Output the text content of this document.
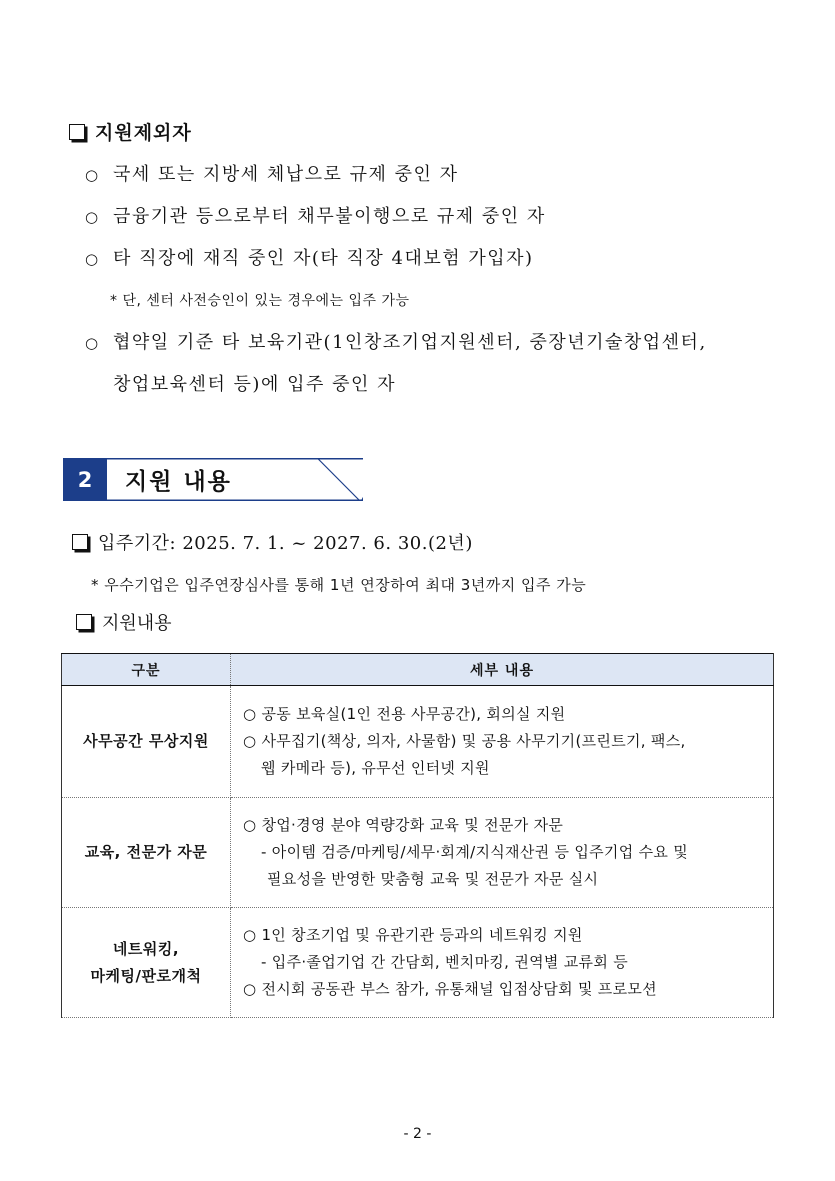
지원제외자
○ 국세 또는 지방세 체납으로 규제 중인 자
○ 금융기관 등으로부터 채무불이행으로 규제 중인 자
○ 타 직장에 재직 중인 자(타 직장 4대보험 가입자)
* 단, 센터 사전승인이 있는 경우에는 입주 가능
○ 협약일 기준 타 보육기관(1인창조기업지원센터, 중장년기술창업센터,
창업보육센터 등)에 입주 중인 자
2	지원 내용
입주기간: 2025. 7. 1. ~ 2027. 6. 30.(2년)
* 우수기업은 입주연장심사를 통해 1년 연장하여 최대 3년까지 입주 가능
지원내용
구분	세부 내용
사무공간 무상지원	○ 공동 보육실(1인 전용 사무공간), 회의실 지원
○ 사무집기(책상, 의자, 사물함) 및 공용 사무기기(프린트기, 팩스,
웹 카메라 등), 유무선 인터넷 지원

교육, 전문가 자문	○ 창업·경영 분야 역량강화 교육 및 전문가 자문
- 아이템 검증/마케팅/세무·회계/지식재산권 등 입주기업 수요 및
필요성을 반영한 맞춤형 교육 및 전문가 자문 실시

네트워킹,
마케팅/판로개척	○ 1인 창조기업 및 유관기관 등과의 네트워킹 지원
- 입주·졸업기업 간 간담회, 벤치마킹, 권역별 교류회 등
○ 전시회 공동관 부스 참가, 유통채널 입점상담회 및 프로모션
- 2 -
